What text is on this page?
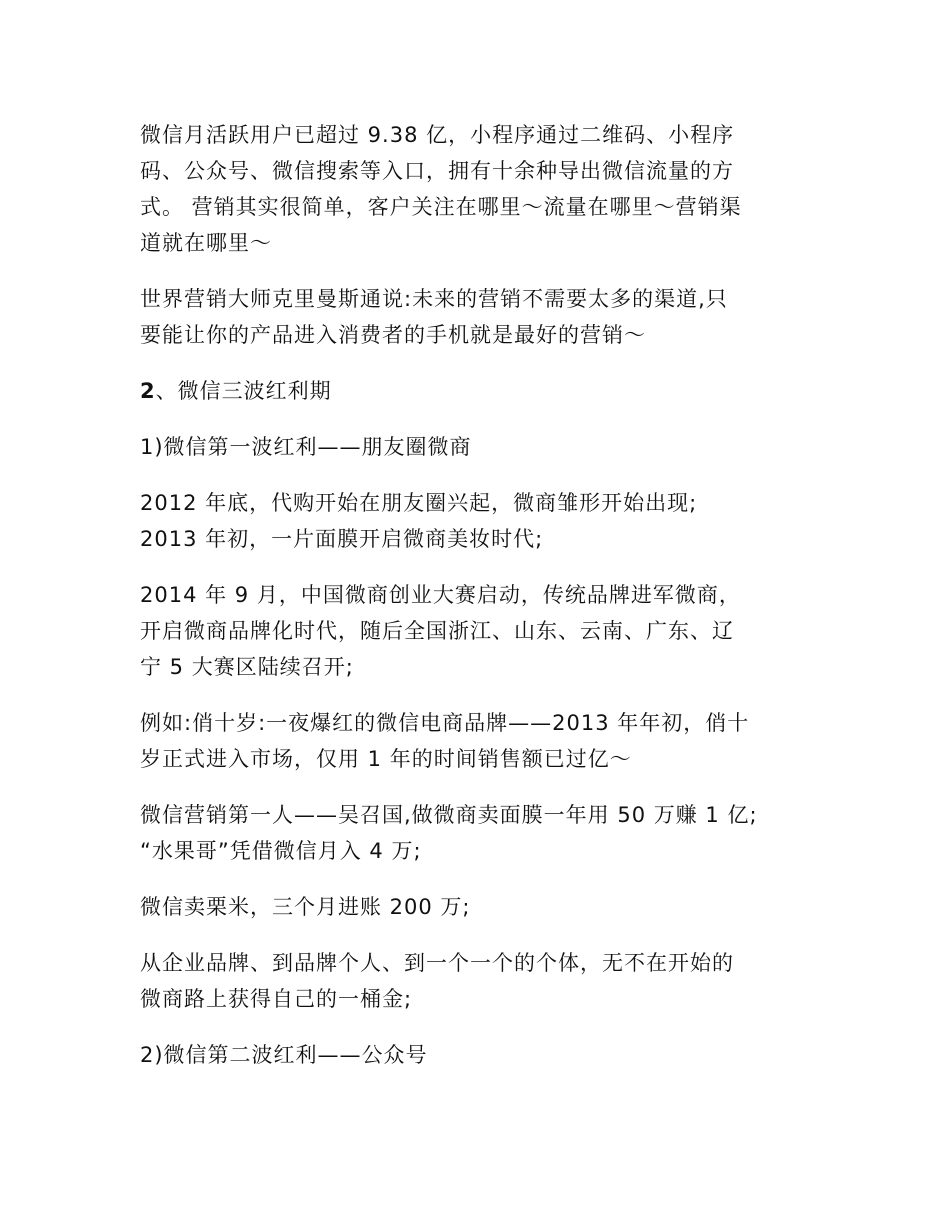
微信月活跃用户已超过 9.38 亿，小程序通过二维码、小程序
码、公众号、微信搜索等入口，拥有十余种导出微信流量的方
式。 营销其实很简单，客户关注在哪里～流量在哪里～营销渠
道就在哪里～

世界营销大师克里曼斯通说:未来的营销不需要太多的渠道,只
要能让你的产品进入消费者的手机就是最好的营销～

2、微信三波红利期

1)微信第一波红利——朋友圈微商

2012 年底，代购开始在朋友圈兴起，微商雏形开始出现;
2013 年初，一片面膜开启微商美妆时代;

2014 年 9 月，中国微商创业大赛启动，传统品牌进军微商，
开启微商品牌化时代，随后全国浙江、山东、云南、广东、辽
宁 5 大赛区陆续召开;

例如:俏十岁:一夜爆红的微信电商品牌——2013 年年初，俏十
岁正式进入市场，仅用 1 年的时间销售额已过亿～

微信营销第一人——吴召国,做微商卖面膜一年用 50 万赚 1 亿;
“水果哥”凭借微信月入 4 万;

微信卖栗米，三个月进账 200 万;

从企业品牌、到品牌个人、到一个一个的个体，无不在开始的
微商路上获得自己的一桶金;

2)微信第二波红利——公众号
